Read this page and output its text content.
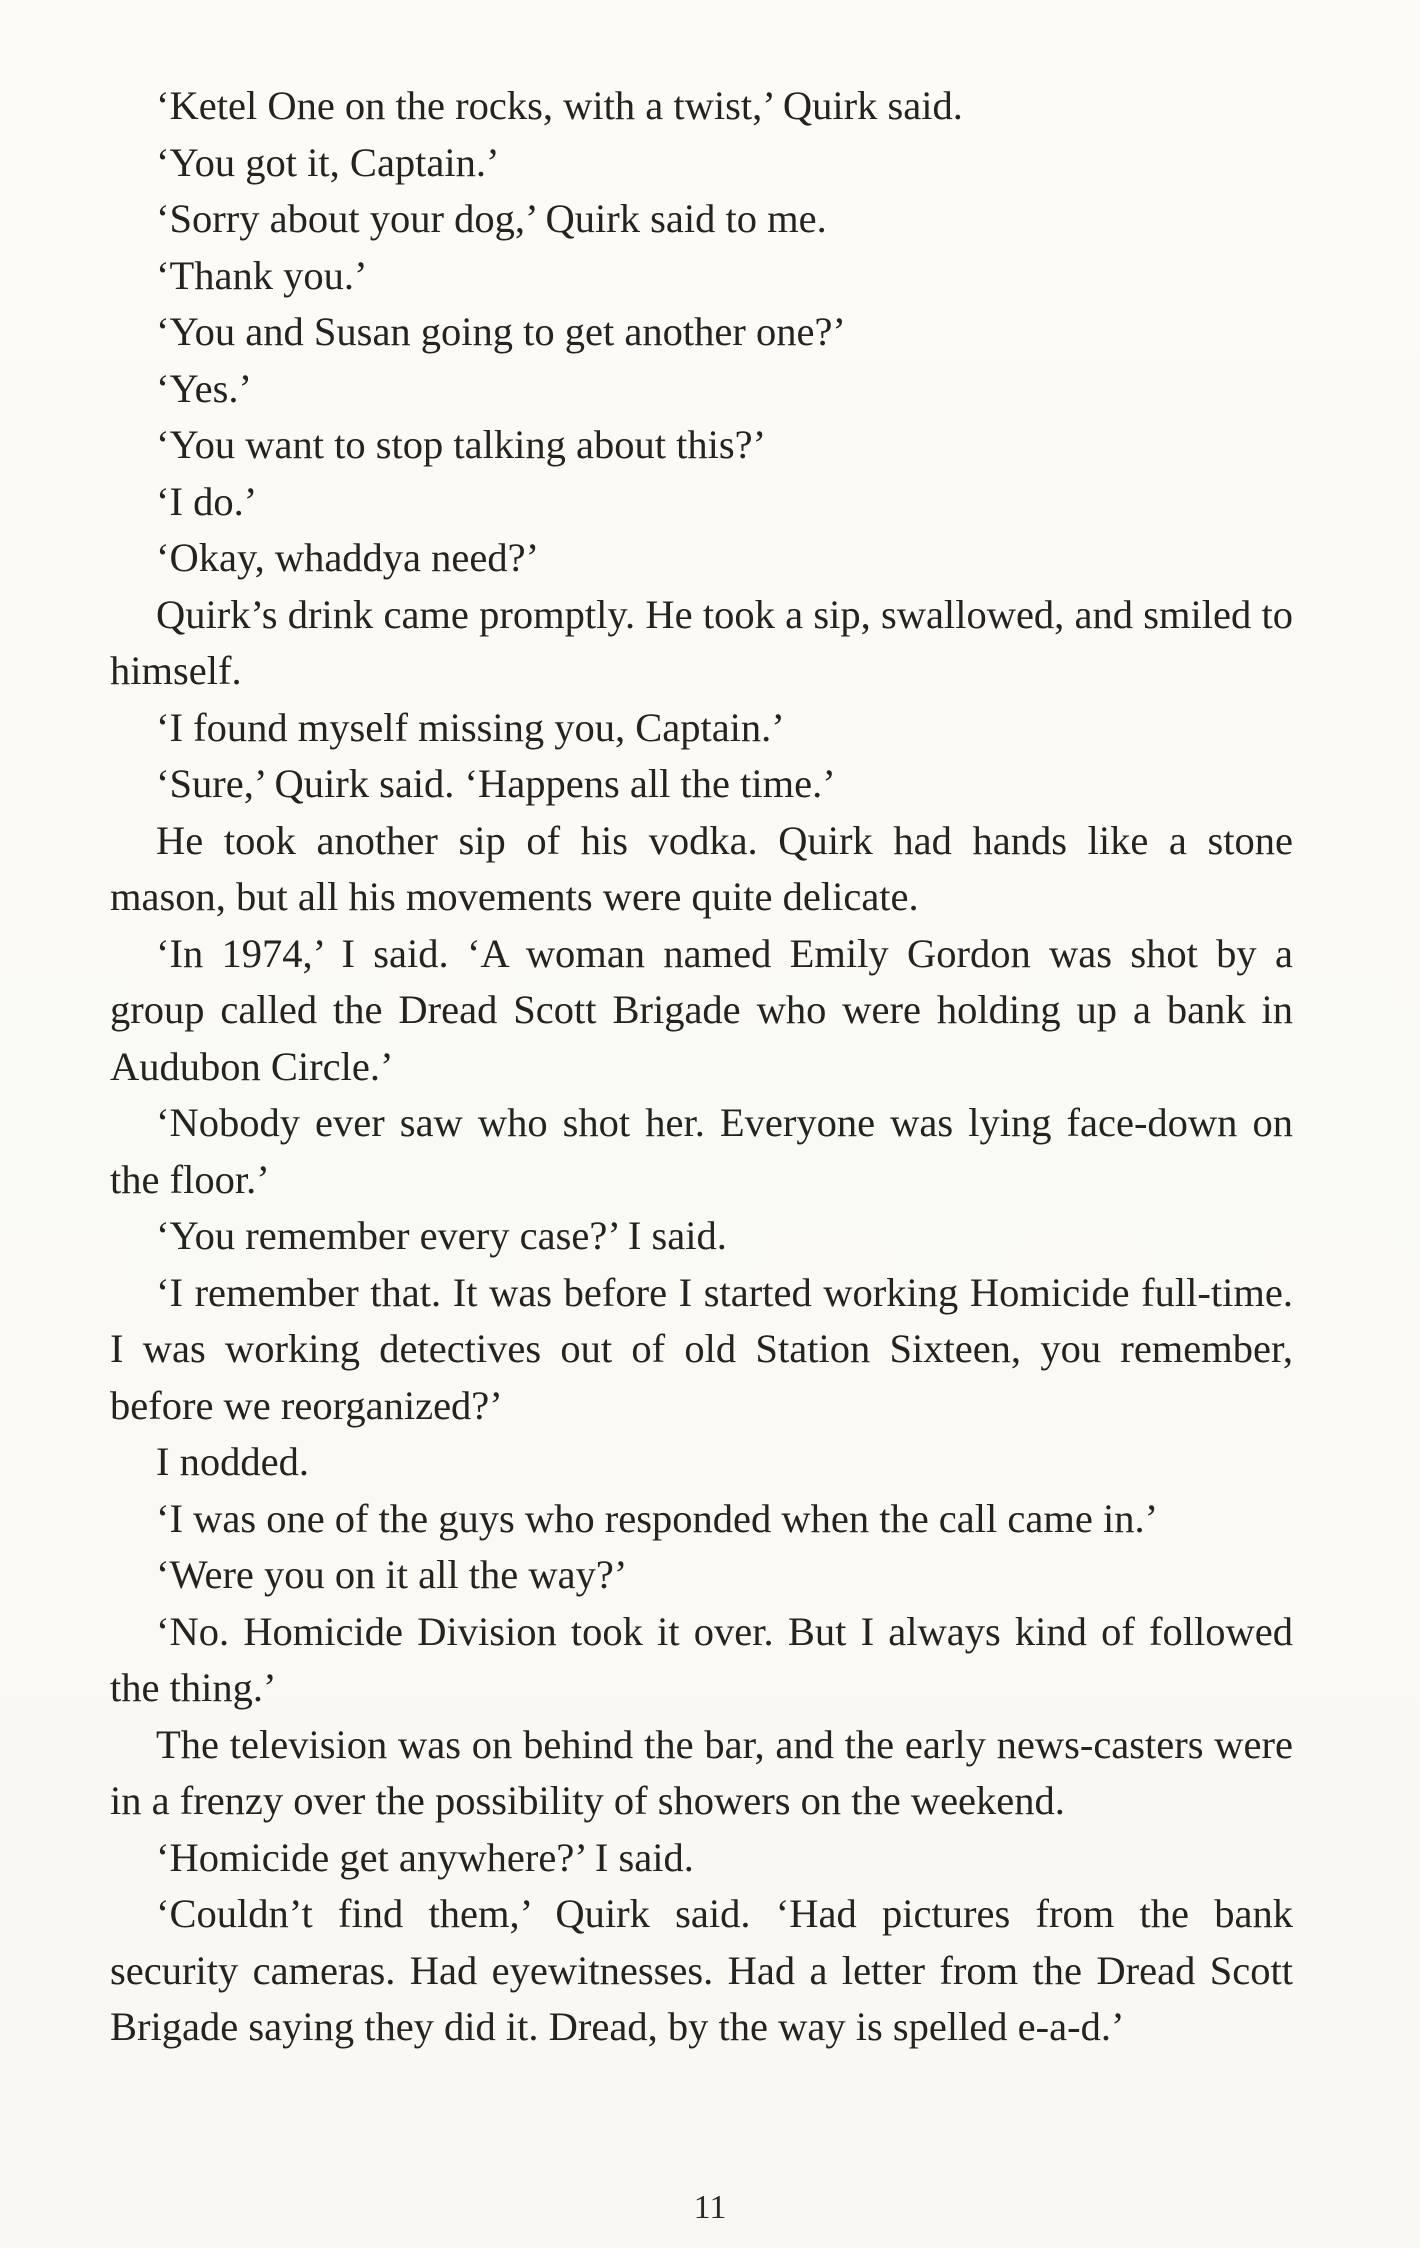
‘Ketel One on the rocks, with a twist,’ Quirk said.

‘You got it, Captain.’

‘Sorry about your dog,’ Quirk said to me.

‘Thank you.’

‘You and Susan going to get another one?’

‘Yes.’

‘You want to stop talking about this?’

‘I do.’

‘Okay, whaddya need?’

Quirk’s drink came promptly. He took a sip, swallowed, and smiled to himself.

‘I found myself missing you, Captain.’

‘Sure,’ Quirk said. ‘Happens all the time.’

He took another sip of his vodka. Quirk had hands like a stone mason, but all his movements were quite delicate.

‘In 1974,’ I said. ‘A woman named Emily Gordon was shot by a group called the Dread Scott Brigade who were holding up a bank in Audubon Circle.’

‘Nobody ever saw who shot her. Everyone was lying face-down on the floor.’

‘You remember every case?’ I said.

‘I remember that. It was before I started working Homicide full-time. I was working detectives out of old Station Sixteen, you remember, before we reorganized?’

I nodded.

‘I was one of the guys who responded when the call came in.’

‘Were you on it all the way?’

‘No. Homicide Division took it over. But I always kind of followed the thing.’

The television was on behind the bar, and the early news-casters were in a frenzy over the possibility of showers on the weekend.

‘Homicide get anywhere?’ I said.

‘Couldn’t find them,’ Quirk said. ‘Had pictures from the bank security cameras. Had eyewitnesses. Had a letter from the Dread Scott Brigade saying they did it. Dread, by the way is spelled e-a-d.’

11
